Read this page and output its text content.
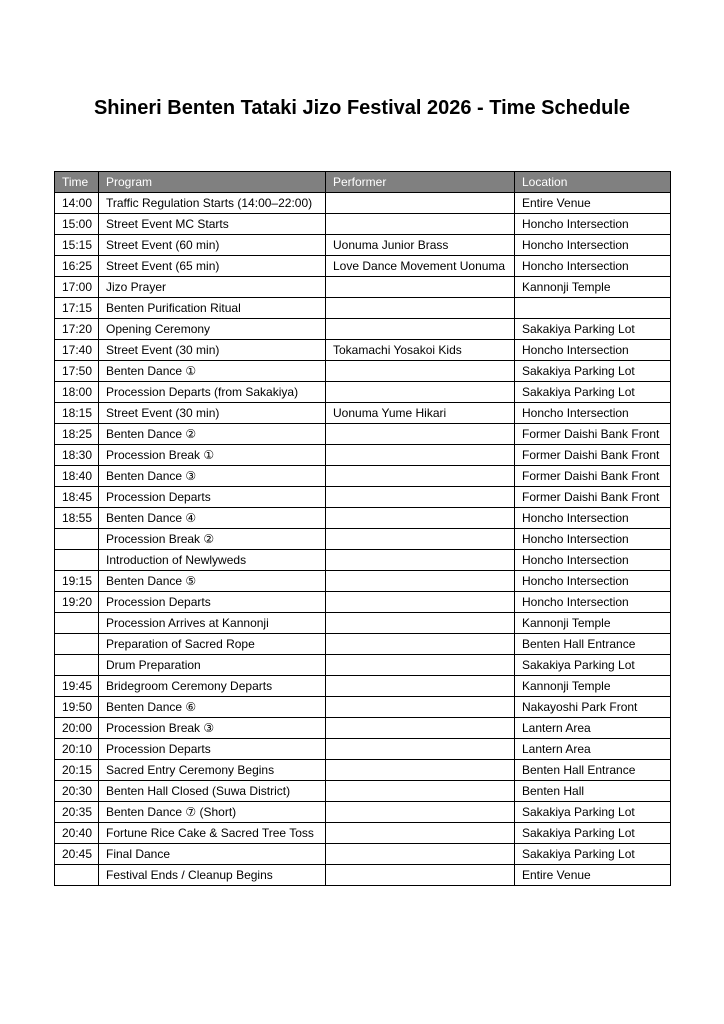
Shineri Benten Tataki Jizo Festival 2026 - Time Schedule
Time	Program	Performer	Location
14:00	Traffic Regulation Starts (14:00–22:00)		Entire Venue
15:00	Street Event MC Starts		Honcho Intersection
15:15	Street Event (60 min)	Uonuma Junior Brass	Honcho Intersection
16:25	Street Event (65 min)	Love Dance Movement Uonuma	Honcho Intersection
17:00	Jizo Prayer		Kannonji Temple
17:15	Benten Purification Ritual		
17:20	Opening Ceremony		Sakakiya Parking Lot
17:40	Street Event (30 min)	Tokamachi Yosakoi Kids	Honcho Intersection
17:50	Benten Dance ①		Sakakiya Parking Lot
18:00	Procession Departs (from Sakakiya)		Sakakiya Parking Lot
18:15	Street Event (30 min)	Uonuma Yume Hikari	Honcho Intersection
18:25	Benten Dance ②		Former Daishi Bank Front
18:30	Procession Break ①		Former Daishi Bank Front
18:40	Benten Dance ③		Former Daishi Bank Front
18:45	Procession Departs		Former Daishi Bank Front
18:55	Benten Dance ④		Honcho Intersection
	Procession Break ②		Honcho Intersection
	Introduction of Newlyweds		Honcho Intersection
19:15	Benten Dance ⑤		Honcho Intersection
19:20	Procession Departs		Honcho Intersection
	Procession Arrives at Kannonji		Kannonji Temple
	Preparation of Sacred Rope		Benten Hall Entrance
	Drum Preparation		Sakakiya Parking Lot
19:45	Bridegroom Ceremony Departs		Kannonji Temple
19:50	Benten Dance ⑥		Nakayoshi Park Front
20:00	Procession Break ③		Lantern Area
20:10	Procession Departs		Lantern Area
20:15	Sacred Entry Ceremony Begins		Benten Hall Entrance
20:30	Benten Hall Closed (Suwa District)		Benten Hall
20:35	Benten Dance ⑦ (Short)		Sakakiya Parking Lot
20:40	Fortune Rice Cake & Sacred Tree Toss		Sakakiya Parking Lot
20:45	Final Dance		Sakakiya Parking Lot
	Festival Ends / Cleanup Begins		Entire Venue
